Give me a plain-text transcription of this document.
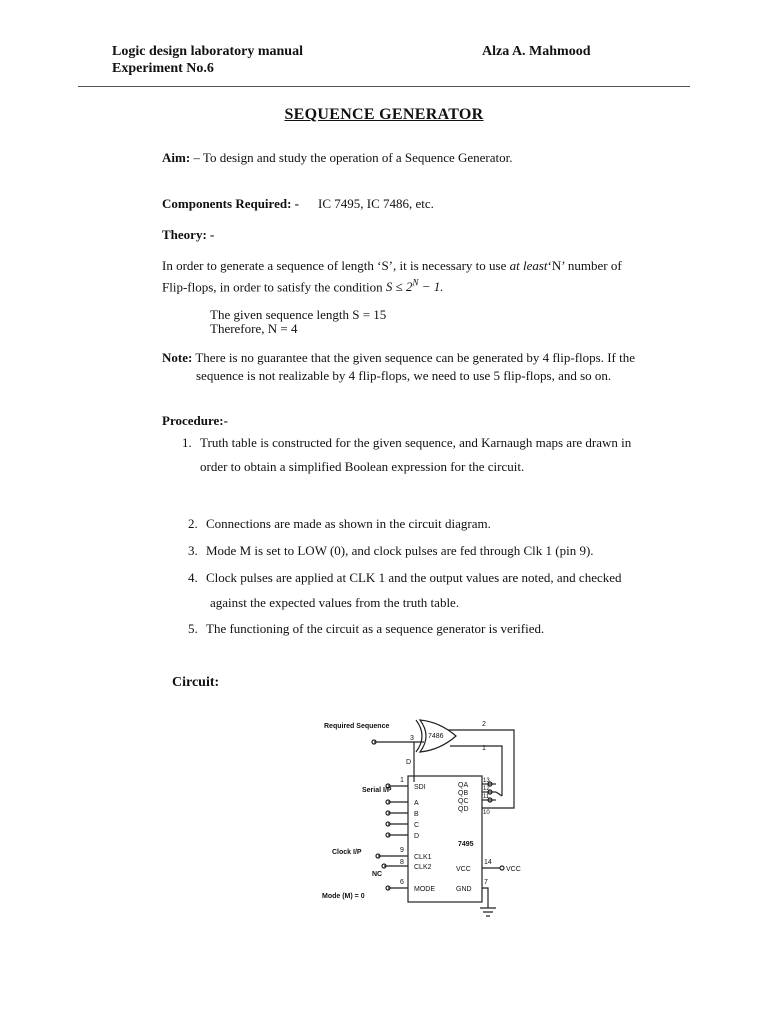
Logic design laboratory manual
Experiment No.6
Alza A. Mahmood
SEQUENCE GENERATOR
Aim: – To design and study the operation of a Sequence Generator.
Components Required: - IC 7495, IC 7486, etc.
Theory: -
In order to generate a sequence of length ‘S’, it is necessary to use at least‘N’ number of
Flip-flops, in order to satisfy the condition $S \le 2^N - 1$.
The given sequence length S = 15
Therefore, N = 4
Note: There is no guarantee that the given sequence can be generated by 4 flip-flops. If the
sequence is not realizable by 4 flip-flops, we need to use 5 flip-flops, and so on.
Procedure:-
1. Truth table is constructed for the given sequence, and Karnaugh maps are drawn in
order to obtain a simplified Boolean expression for the circuit.
2. Connections are made as shown in the circuit diagram.
3. Mode M is set to LOW (0), and clock pulses are fed through Clk 1 (pin 9).
4. Clock pulses are applied at CLK 1 and the output values are noted, and checked
against the expected values from the truth table.
5. The functioning of the circuit as a sequence generator is verified.
Circuit:
Required Sequence
7486
3
2
1
D
1
Serial I/P	SDI
A
B
C
D
7495
QA
QB
QC
QD
13
12
11
10
Clock I/P	9
8
NC
CLK1
CLK2	VCC
14
VCC
MODE
6
GND
7
Mode (M) = 0
